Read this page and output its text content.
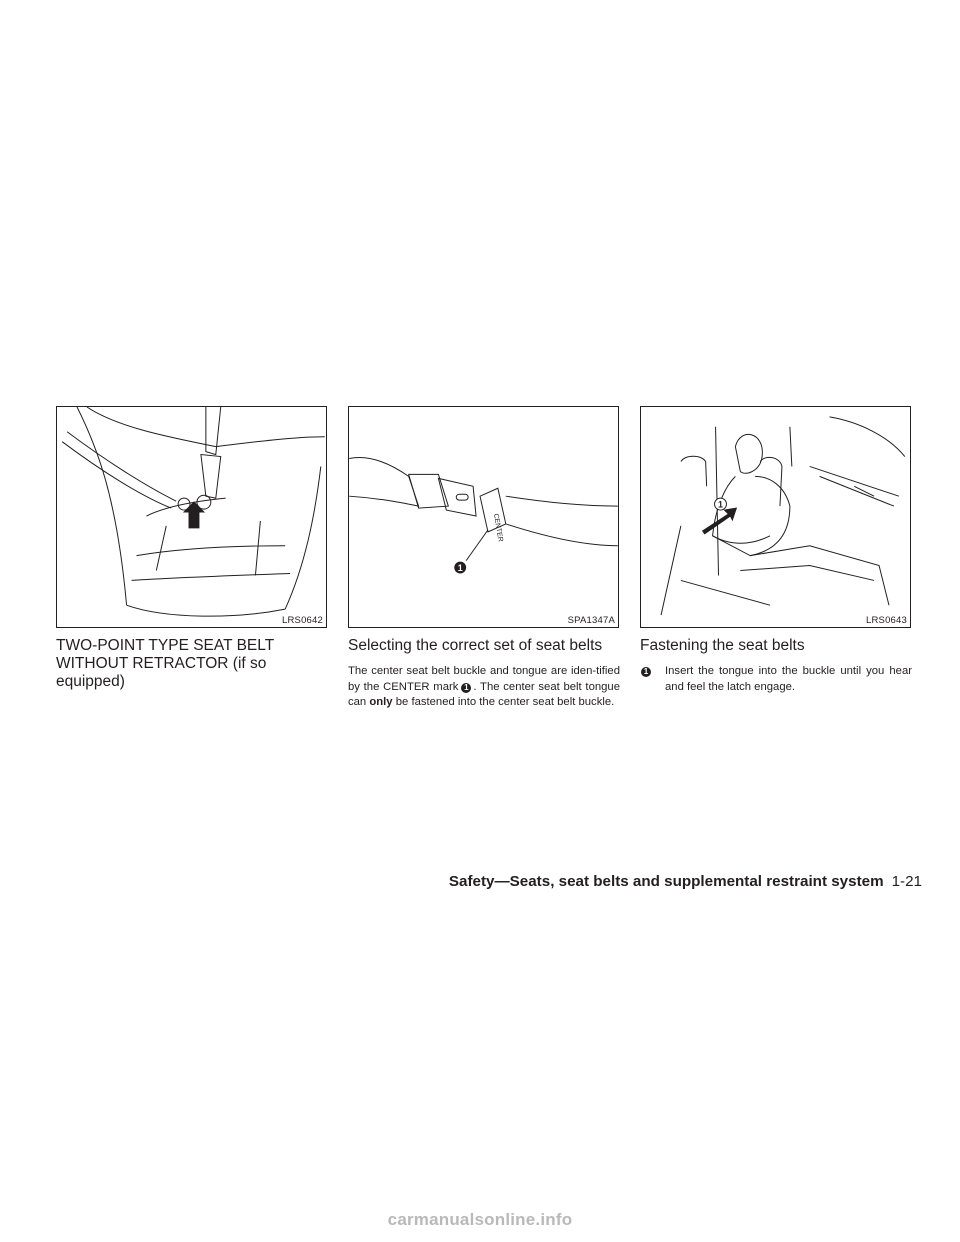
LRS0642
CENTER
1
SPA1347A
1
LRS0643
TWO-POINT TYPE SEAT BELT
WITHOUT RETRACTOR (if so
equipped)
Selecting the correct set of seat belts

The center seat belt buckle and tongue are iden-tified by the CENTER mark 1 . The center seat belt tongue can only be fastened into the center seat belt buckle.

Fastening the seat belts
1 Insert the tongue into the buckle until you hear and feel the latch engage.
Safety—Seats, seat belts and supplemental restraint system 1-21
carmanualsonline.info
